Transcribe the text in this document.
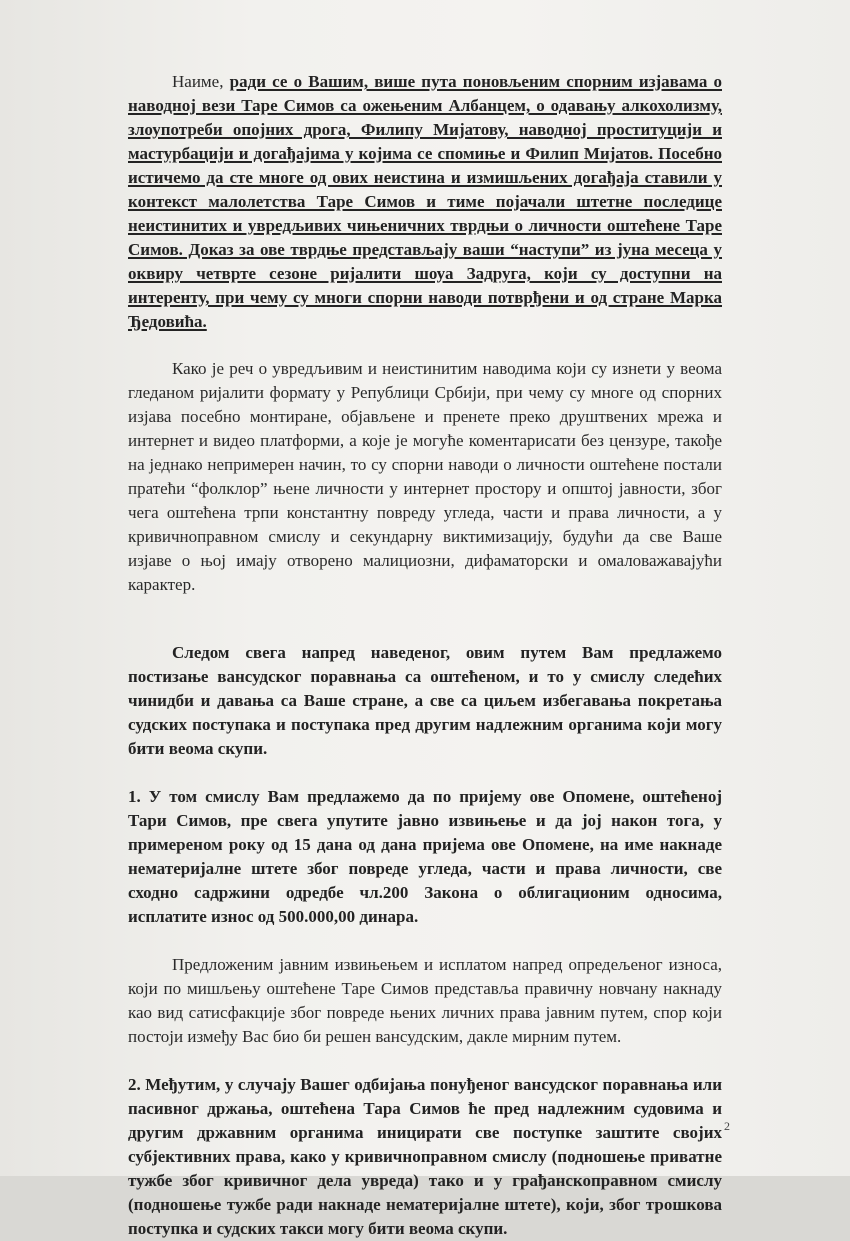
Наиме, ради се о Вашим, више пута поновљеним спорним изјавама о наводној вези Таре Симов са ожењеним Албанцем, о одавању алкохолизму, злоупотреби опојних дрога, Филипу Мијатову, наводној проституцији и мастурбацији и догађајима у којима се спомиње и Филип Мијатов. Посебно истичемо да сте многе од ових неистина и измишљених догађаја ставили у контекст малолетства Таре Симов и тиме појачали штетне последице неистинитих и увредљивих чињеничних тврдњи о личности оштећене Таре Симов. Доказ за ове тврдње представљају ваши “наступи” из јуна месеца у оквиру четврте сезоне ријалити шоуа Задруга, који су доступни на интеренту, при чему су многи спорни наводи потврђени и од стране Марка Ђедовића.

Како је реч о увредљивим и неистинитим наводима који су изнети у веома гледаном ријалити формату у Републици Србији, при чему су многе од спорних изјава посебно монтиране, објављене и пренете преко друштвених мрежа и интернет и видео платформи, а које је могуће коментарисати без цензуре, такође на једнако непримерен начин, то су спорни наводи о личности оштећене постали пратећи “фолклор” њене личности у интернет простору и општој јавности, због чега оштећена трпи константну повреду угледа, части и права личности, а у кривичноправном смислу и секундарну виктимизацију, будући да све Ваше изјаве о њој имају отворено малициозни, дифаматорски и омаловажавајући карактер.

Следом свега напред наведеног, овим путем Вам предлажемо постизање вансудског поравнања са оштећеном, и то у смислу следећих чинидби и давања са Ваше стране, а све са циљем избегавања покретања судских поступака и поступака пред другим надлежним органима који могу бити веома скупи.

1. У том смислу Вам предлажемо да по пријему ове Опомене, оштећеној Тари Симов, пре свега упутите јавно извињење и да јој након тога, у примереном року од 15 дана од дана пријема ове Опомене, на име накнаде нематеријалне штете због повреде угледа, части и права личности, све сходно садржини одредбе чл.200 Закона о облигационим односима, исплатите износ од 500.000,00 динара.

Предложеним јавним извињењем и исплатом напред опредељеног износа, који по мишљењу оштећене Таре Симов представља правичну новчану накнаду као вид сатисфакције због повреде њених личних права јавним путем, спор који постоји између Вас био би решен вансудским, дакле мирним путем.

2. Међутим, у случају Вашег одбијања понуђеног вансудског поравнања или пасивног држања, оштећена Тара Симов ће пред надлежним судовима и другим државним органима иницирати све поступке заштите својих субјективних права, како у кривичноправном смислу (подношење приватне тужбе због кривичног дела увреда) тако и у грађанскоправном смислу (подношење тужбе ради накнаде нематеријалне штете), који, због трошкова поступка и судских такси могу бити веома скупи.

2
